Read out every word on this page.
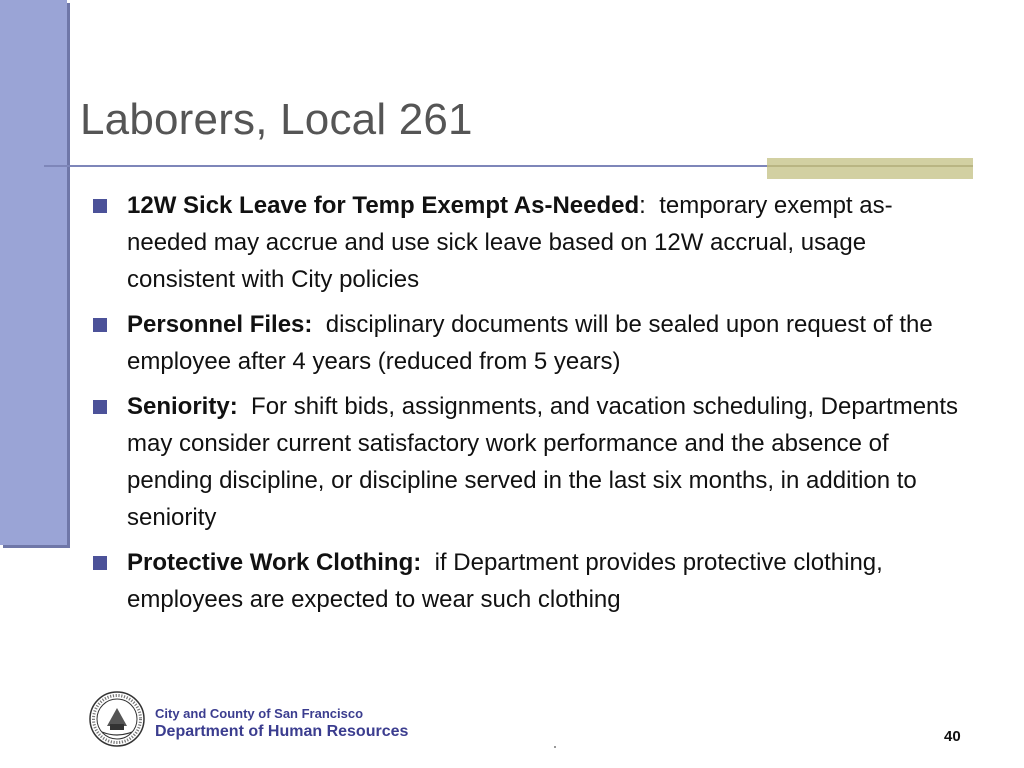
Laborers, Local 261
12W Sick Leave for Temp Exempt As-Needed:  temporary exempt as-needed may accrue and use sick leave based on 12W accrual, usage consistent with City policies
Personnel Files: disciplinary documents will be sealed upon request of the employee after 4 years (reduced from 5 years)
Seniority: For shift bids, assignments, and vacation scheduling, Departments may consider current satisfactory work performance and the absence of pending discipline, or discipline served in the last six months, in addition to seniority
Protective Work Clothing: if Department provides protective clothing, employees are expected to wear such clothing
City and County of San Francisco
Department of Human Resources	40
